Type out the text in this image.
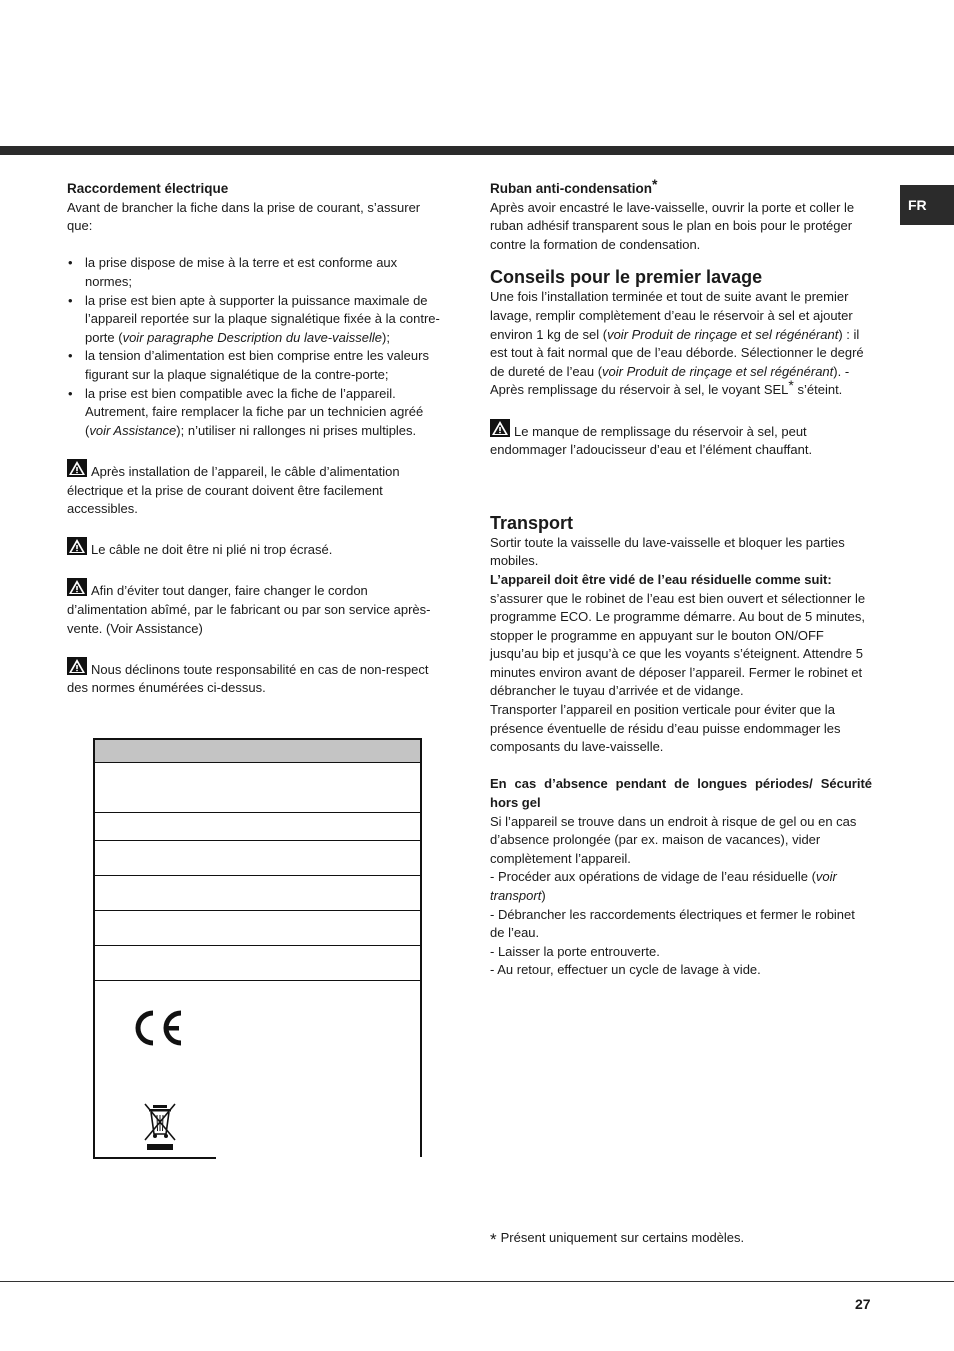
FR

Raccordement électrique

Avant de brancher la fiche dans la prise de courant, s’assurer que:

• la prise dispose de mise à la terre et est conforme aux normes;
• la prise est bien apte à supporter la puissance maximale de l’appareil reportée sur la plaque signalétique fixée à la contre-porte (voir paragraphe Description du lave-vaisselle);
• la tension d’alimentation est bien comprise entre les valeurs figurant sur la plaque signalétique de la contre-porte;
• la prise est bien compatible avec la fiche de l’appareil. Autrement, faire remplacer la fiche par un technicien agréé (voir Assistance); n’utiliser ni rallonges ni prises multiples.

Après installation de l’appareil, le câble d’alimentation électrique et la prise de courant doivent être facilement accessibles.

Le câble ne doit être ni plié ni trop écrasé.

Afin d’éviter tout danger, faire changer le cordon d’alimentation abîmé, par le fabricant ou par son service après-vente. (Voir Assistance)

Nous déclinons toute responsabilité en cas de non-respect des normes énumérées ci-dessus.

Ruban anti-condensation*

Après avoir encastré le lave-vaisselle, ouvrir la porte et coller le ruban adhésif transparent sous le plan en bois pour le protéger contre la formation de condensation.

Conseils pour le premier lavage

Une fois l’installation terminée et tout de suite avant le premier lavage, remplir complètement d’eau le réservoir à sel et ajouter environ 1 kg de sel (voir Produit de rinçage et sel régénérant) : il est tout à fait normal que de l’eau déborde. Sélectionner le degré de dureté de l’eau (voir Produit de rinçage et sel régénérant). - Après remplissage du réservoir à sel, le voyant SEL* s’éteint.

Le manque de remplissage du réservoir à sel, peut endommager l’adoucisseur d’eau et l’élément chauffant.

Transport

Sortir toute la vaisselle du lave-vaisselle et bloquer les parties mobiles.

L’appareil doit être vidé de l’eau résiduelle comme suit:

s’assurer que le robinet de l’eau est bien ouvert et sélectionner le programme ECO. Le programme démarre. Au bout de 5 minutes, stopper le programme en appuyant sur le bouton ON/OFF jusqu’au bip et jusqu’à ce que les voyants s’éteignent. Attendre 5 minutes environ avant de déposer l’appareil. Fermer le robinet et débrancher le tuyau d’arrivée et de vidange.

Transporter l’appareil en position verticale pour éviter que la présence éventuelle de résidu d’eau puisse endommager les composants du lave-vaisselle.

En cas d’absence pendant de longues périodes/ Sécurité hors gel

Si l’appareil se trouve dans un endroit à risque de gel ou en cas d’absence prolongée (par ex. maison de vacances), vider complètement l’appareil.

- Procéder aux opérations de vidage de l’eau résiduelle (voir transport)

- Débrancher les raccordements électriques et fermer le robinet de l’eau.

- Laisser la porte entrouverte.

- Au retour, effectuer un cycle de lavage à vide.

* Présent uniquement sur certains modèles.
27
